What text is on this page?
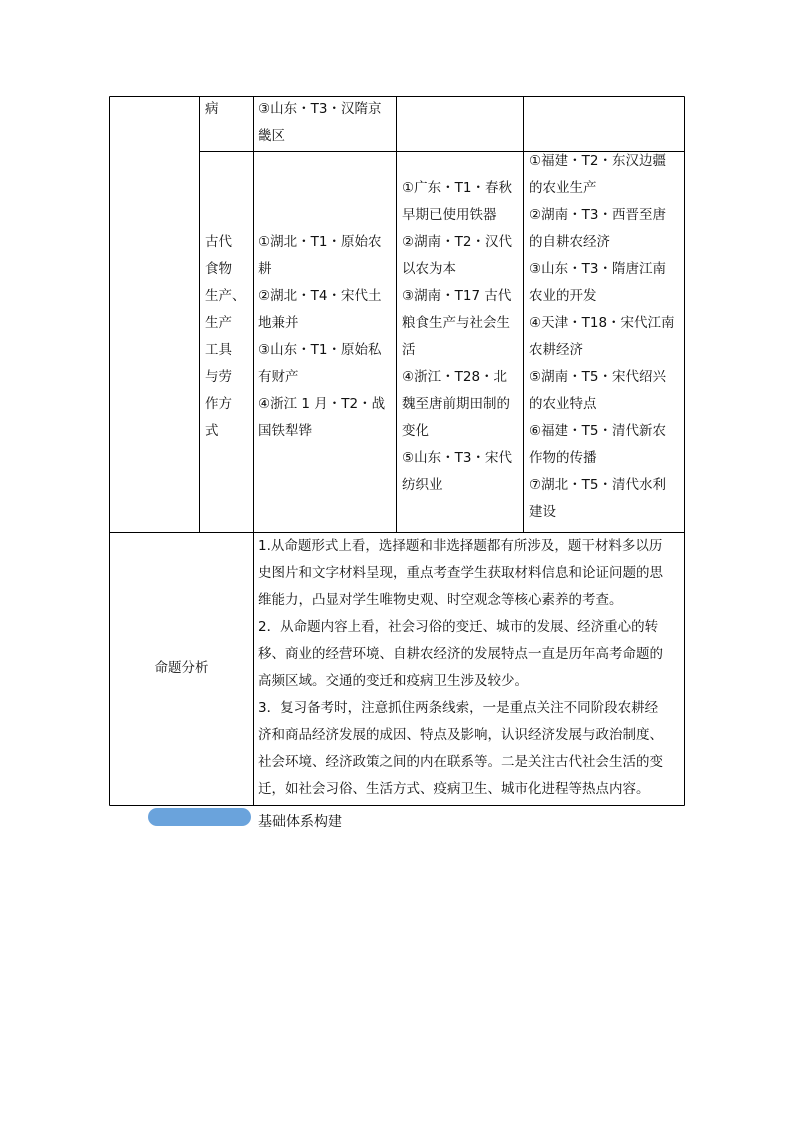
病	③山东・T3・汉隋京
畿区
古代
食物
生产、
生产
工具
与劳
作方
式
①湖北・T1・原始农
耕
②湖北・T4・宋代土
地兼并
③山东・T1・原始私
有财产
④浙江 1 月・T2・战
国铁犁铧
①广东・T1・春秋
早期已使用铁器
②湖南・T2・汉代
以农为本
③湖南・T17 古代
粮食生产与社会生
活
④浙江・T28・北
魏至唐前期田制的
变化
⑤山东・T3・宋代
纺织业
①福建・T2・东汉边疆
的农业生产
②湖南・T3・西晋至唐
的自耕农经济
③山东・T3・隋唐江南
农业的开发
④天津・T18・宋代江南
农耕经济
⑤湖南・T5・宋代绍兴
的农业特点
⑥福建・T5・清代新农
作物的传播
⑦湖北・T5・清代水利
建设
命题分析
1.从命题形式上看，选择题和非选择题都有所涉及，题干材料多以历
史图片和文字材料呈现，重点考查学生获取材料信息和论证问题的思
维能力，凸显对学生唯物史观、时空观念等核心素养的考查。
2．从命题内容上看，社会习俗的变迁、城市的发展、经济重心的转
移、商业的经营环境、自耕农经济的发展特点一直是历年高考命题的
高频区域。交通的变迁和疫病卫生涉及较少。
3．复习备考时，注意抓住两条线索，一是重点关注不同阶段农耕经
济和商品经济发展的成因、特点及影响，认识经济发展与政治制度、
社会环境、经济政策之间的内在联系等。二是关注古代社会生活的变
迁，如社会习俗、生活方式、疫病卫生、城市化进程等热点内容。
基础体系构建
